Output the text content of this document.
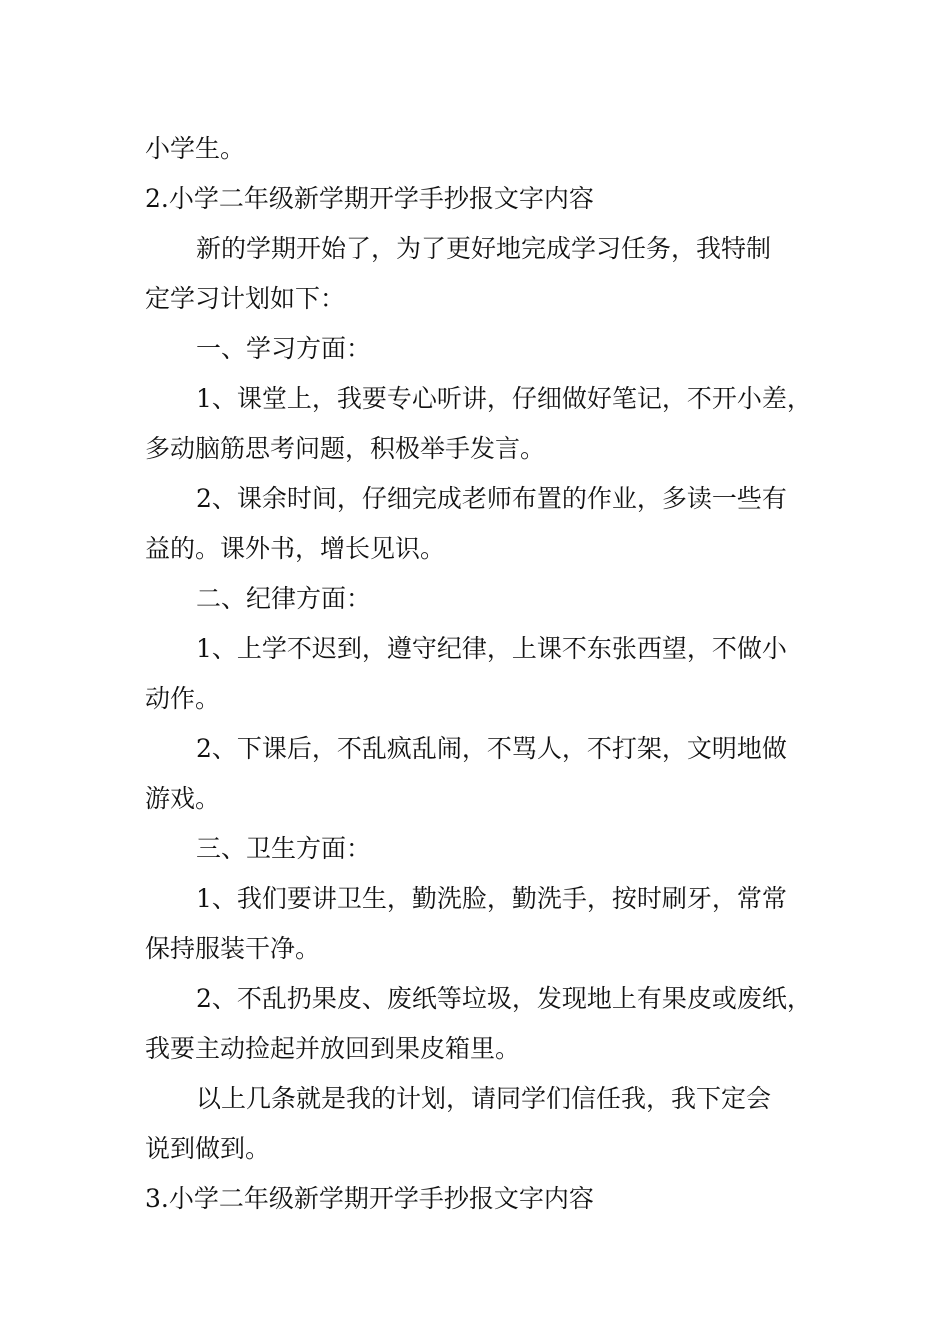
小学生。
2.小学二年级新学期开学手抄报文字内容
新的学期开始了，为了更好地完成学习任务，我特制
定学习计划如下：
一、学习方面：
1、课堂上，我要专心听讲，仔细做好笔记，不开小差，
多动脑筋思考问题，积极举手发言。
2、课余时间，仔细完成老师布置的作业，多读一些有
益的。课外书，增长见识。
二、纪律方面：
1、上学不迟到，遵守纪律，上课不东张西望，不做小
动作。
2、下课后，不乱疯乱闹，不骂人，不打架，文明地做
游戏。
三、卫生方面：
1、我们要讲卫生，勤洗脸，勤洗手，按时刷牙，常常
保持服装干净。
2、不乱扔果皮、废纸等垃圾，发现地上有果皮或废纸，
我要主动捡起并放回到果皮箱里。
以上几条就是我的计划，请同学们信任我，我下定会
说到做到。
3.小学二年级新学期开学手抄报文字内容
